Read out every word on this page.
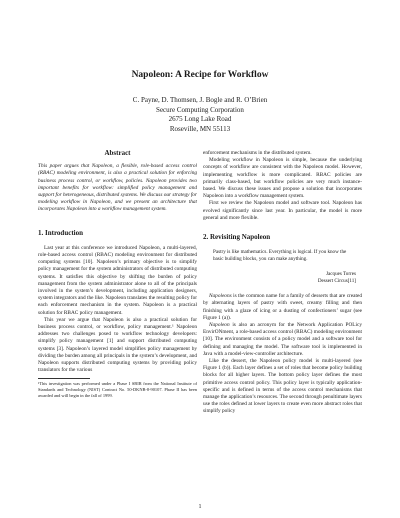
Napoleon: A Recipe for Workflow
C. Payne, D. Thomsen, J. Bogle and R. O’Brien
Secure Computing Corporation
2675 Long Lake Road
Roseville, MN 55113
Abstract

This paper argues that Napoleon, a flexible, role-based access control (RBAC) modeling environment, is also a practical solution for enforcing business process control, or workflow, policies. Napoleon provides two important benefits for workflow: simplified policy management and support for heterogeneous, distributed systems. We discuss our strategy for modeling workflow in Napoleon, and we present an architecture that incorporates Napoleon into a workflow management system.

1. Introduction

Last year at this conference we introduced Napoleon, a multi-layered, role-based access control (RBAC) modeling environment for distributed computing systems [10]. Napoleon’s primary objective is to simplify policy management for the system administrators of distributed computing systems. It satisfies this objective by shifting the burden of policy management from the system administrator alone to all of the principals involved in the system’s development, including application designers, system integrators and the like. Napoleon translates the resulting policy for each enforcement mechanism in the system. Napoleon is a practical solution for RBAC policy management.

This year we argue that Napoleon is also a practical solution for business process control, or workflow, policy management.¹ Napoleon addresses two challenges posed to workflow technology developers: simplify policy management [1] and support distributed computing systems [3]. Napoleon’s layered model simplifies policy management by dividing the burden among all principals in the system’s development, and Napoleon supports distributed computing systems by providing policy translators for the various

¹This investigation was performed under a Phase I SBIR from the National Institute of Standards and Technology (NIST) Contract No. 50-DKNB-8-90107. Phase II has been awarded and will begin in the fall of 1999.

enforcement mechanisms in the distributed system.

Modeling workflow in Napoleon is simple, because the underlying concepts of workflow are consistent with the Napoleon model. However, implementing workflow is more complicated. RBAC policies are primarily class-based, but workflow policies are very much instance-based. We discuss these issues and propose a solution that incorporates Napoleon into a workflow management system.

First we review the Napoleon model and software tool. Napoleon has evolved significantly since last year. In particular, the model is more general and more flexible.

2. Revisiting Napoleon
Pastry is like mathematics. Everything is logical. If you know the basic building blocks, you can make anything.
Jacques Torres
Dessert Circus[11]

Napoleons is the common name for a family of desserts that are created by alternating layers of pastry with sweet, creamy filling and then finishing with a glaze of icing or a dusting of confectioners’ sugar (see Figure 1 (a)).

Napoleon is also an acronym for the Network Application POLicy EnvirONment, a role-based access control (RBAC) modeling environment [10]. The environment consists of a policy model and a software tool for defining and managing the model. The software tool is implemented in Java with a model-view-controller architecture.

Like the dessert, the Napoleon policy model is multi-layered (see Figure 1 (b)). Each layer defines a set of roles that become policy building blocks for all higher layers. The bottom policy layer defines the most primitive access control policy. This policy layer is typically application-specific and is defined in terms of the access control mechanisms that manage the application’s resources. The second through penultimate layers use the roles defined at lower layers to create even more abstract roles that simplify policy

1
